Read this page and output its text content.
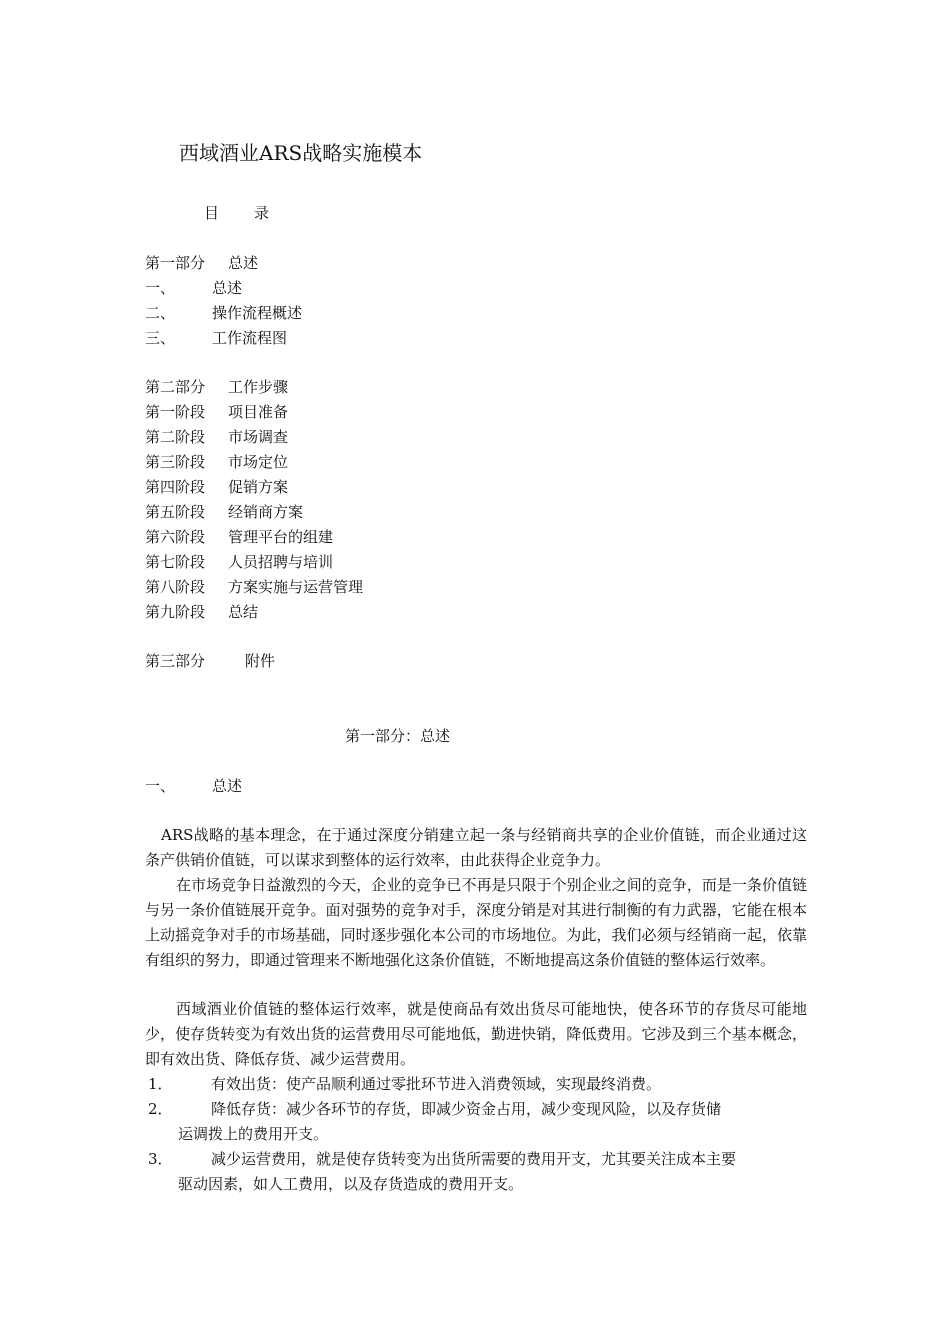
西域酒业ARS战略实施模本
目 录
第一部分 总述
一、 总述
二、 操作流程概述
三、 工作流程图
第二部分 工作步骤
第一阶段 项目准备
第二阶段 市场调查
第三阶段 市场定位
第四阶段 促销方案
第五阶段 经销商方案
第六阶段 管理平台的组建
第七阶段 人员招聘与培训
第八阶段 方案实施与运营管理
第九阶段 总结
第三部分	附件
第一部分：总述
一、 总述
ARS战略的基本理念，在于通过深度分销建立起一条与经销商共享的企业价值链，而企业通过这条产供销价值链，可以谋求到整体的运行效率，由此获得企业竞争力。
在市场竞争日益激烈的今天，企业的竞争已不再是只限于个别企业之间的竞争，而是一条价值链与另一条价值链展开竞争。面对强势的竞争对手，深度分销是对其进行制衡的有力武器，它能在根本上动摇竞争对手的市场基础，同时逐步强化本公司的市场地位。为此，我们必须与经销商一起，依靠有组织的努力，即通过管理来不断地强化这条价值链，不断地提高这条价值链的整体运行效率。
西域酒业价值链的整体运行效率，就是使商品有效出货尽可能地快，使各环节的存货尽可能地少，使存货转变为有效出货的运营费用尽可能地低，勤进快销，降低费用。它涉及到三个基本概念，即有效出货、降低存货、减少运营费用。
1．	有效出货：使产品顺利通过零批环节进入消费领域，实现最终消费。
2．	降低存货：减少各环节的存货，即减少资金占用，减少变现风险，以及存货储
运调拨上的费用开支。
3．	减少运营费用，就是使存货转变为出货所需要的费用开支，尤其要关注成本主要
驱动因素，如人工费用，以及存货造成的费用开支。
